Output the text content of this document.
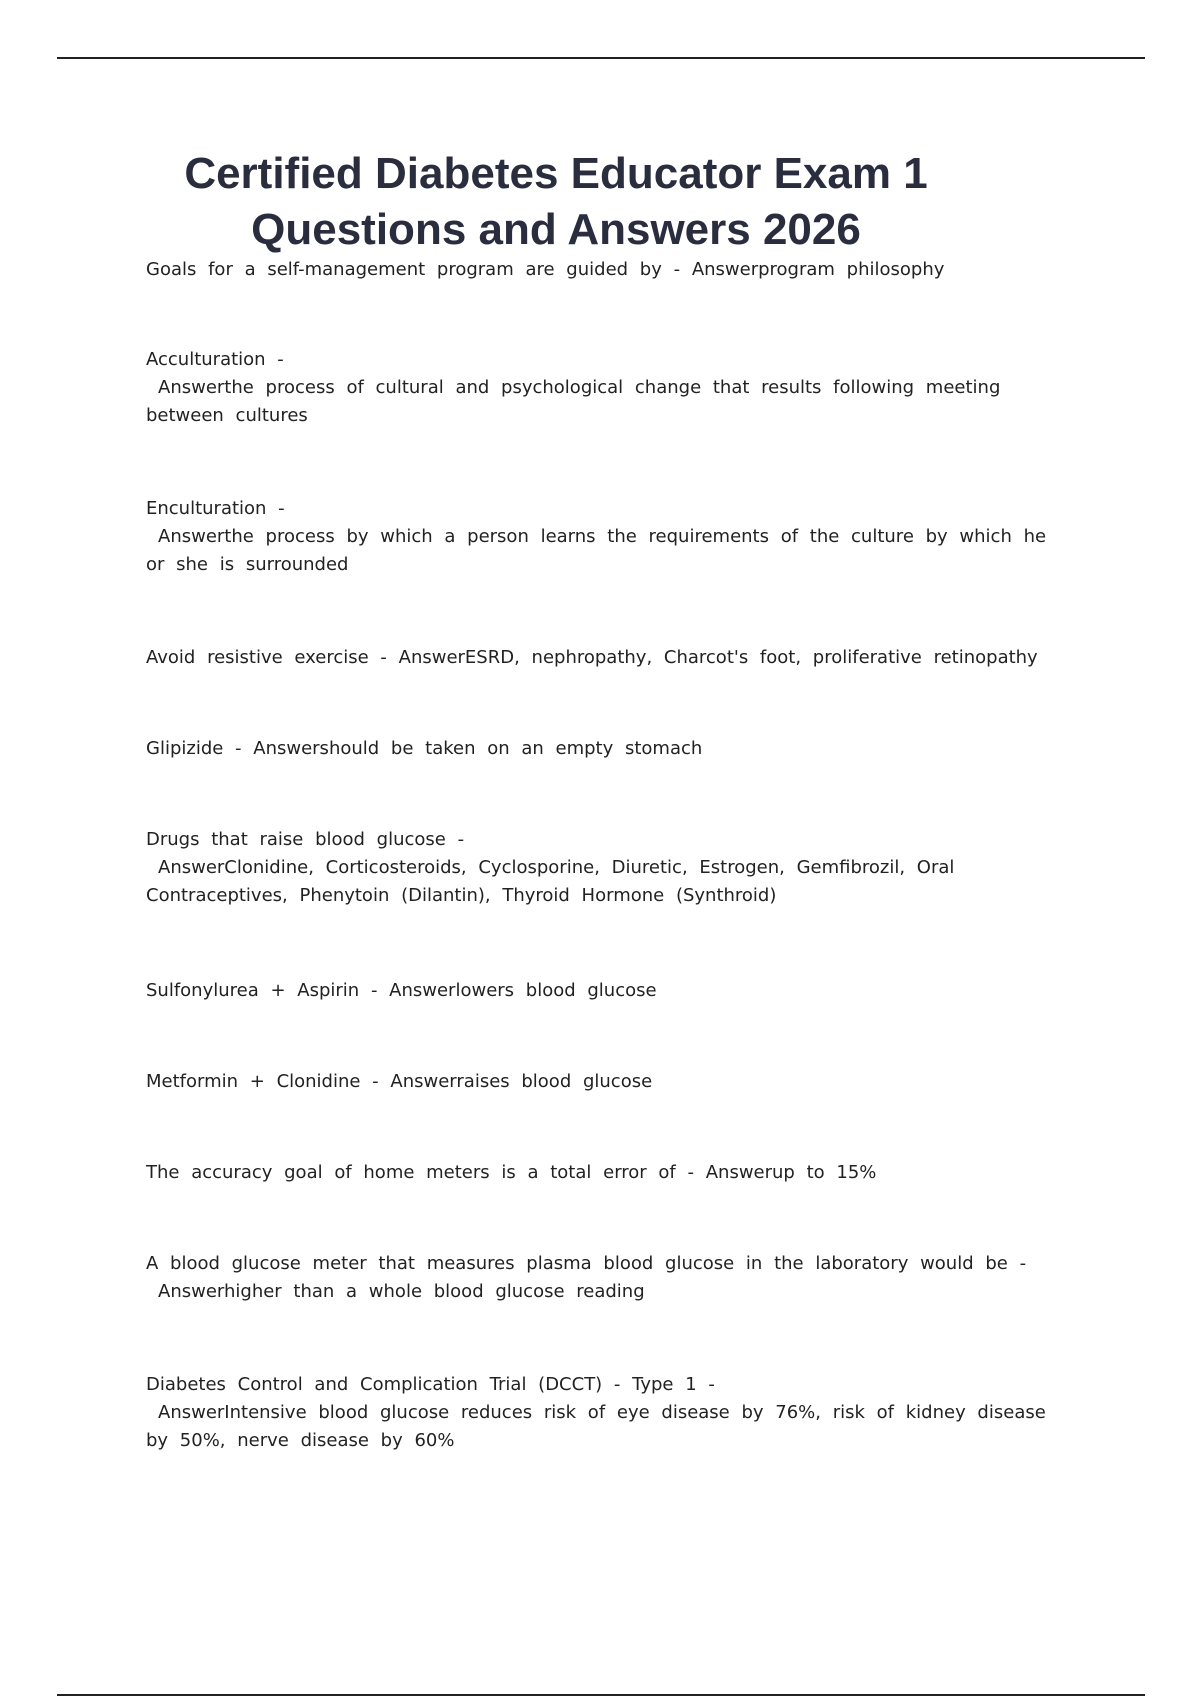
Certified Diabetes Educator Exam 1
Questions and Answers 2026

Goals for a self-management program are guided by - Answerprogram philosophy

Acculturation -
Answerthe process of cultural and psychological change that results following meeting between cultures

Enculturation -
Answerthe process by which a person learns the requirements of the culture by which he or she is surrounded

Avoid resistive exercise - AnswerESRD, nephropathy, Charcot's foot, proliferative retinopathy

Glipizide - Answershould be taken on an empty stomach

Drugs that raise blood glucose -
AnswerClonidine, Corticosteroids, Cyclosporine, Diuretic, Estrogen, Gemfibrozil, Oral Contraceptives, Phenytoin (Dilantin), Thyroid Hormone (Synthroid)

Sulfonylurea + Aspirin - Answerlowers blood glucose

Metformin + Clonidine - Answerraises blood glucose

The accuracy goal of home meters is a total error of - Answerup to 15%

A blood glucose meter that measures plasma blood glucose in the laboratory would be -
Answerhigher than a whole blood glucose reading

Diabetes Control and Complication Trial (DCCT) - Type 1 -
AnswerIntensive blood glucose reduces risk of eye disease by 76%, risk of kidney disease by 50%, nerve disease by 60%
